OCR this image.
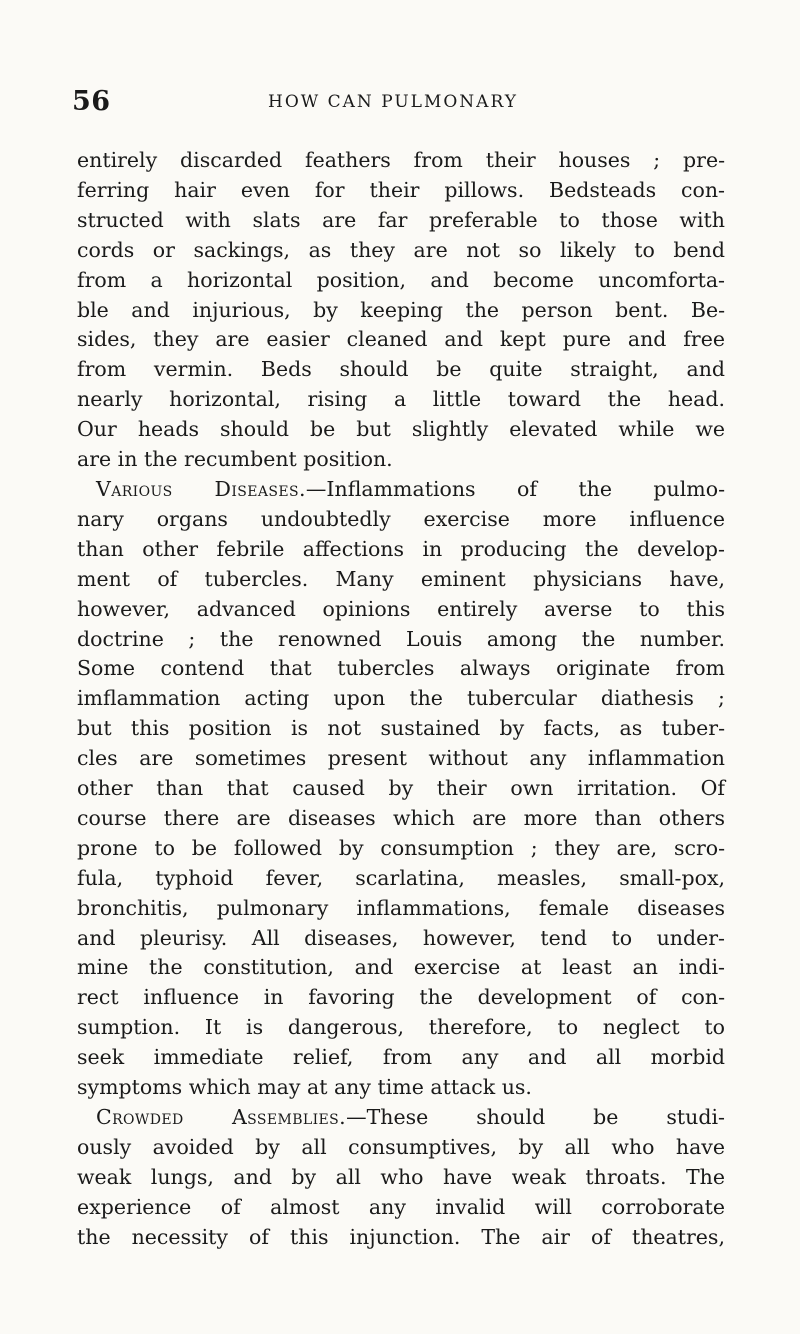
56	HOW CAN PULMONARY
entirely discarded feathers from their houses ; pre-
ferring hair even for their pillows. Bedsteads con-
structed with slats are far preferable to those with
cords or sackings, as they are not so likely to bend
from a horizontal position, and become uncomforta-
ble and injurious, by keeping the person bent. Be-
sides, they are easier cleaned and kept pure and free
from vermin. Beds should be quite straight, and
nearly horizontal, rising a little toward the head.
Our heads should be but slightly elevated while we
are in the recumbent position.
Various Diseases.—Inflammations of the pulmo-
nary organs undoubtedly exercise more influence
than other febrile affections in producing the develop-
ment of tubercles. Many eminent physicians have,
however, advanced opinions entirely averse to this
doctrine ; the renowned Louis among the number.
Some contend that tubercles always originate from
imflammation acting upon the tubercular diathesis ;
but this position is not sustained by facts, as tuber-
cles are sometimes present without any inflammation
other than that caused by their own irritation. Of
course there are diseases which are more than others
prone to be followed by consumption ; they are, scro-
fula, typhoid fever, scarlatina, measles, small-pox,
bronchitis, pulmonary inflammations, female diseases
and pleurisy. All diseases, however, tend to under-
mine the constitution, and exercise at least an indi-
rect influence in favoring the development of con-
sumption. It is dangerous, therefore, to neglect to
seek immediate relief, from any and all morbid
symptoms which may at any time attack us.
Crowded Assemblies.—These should be studi-
ously avoided by all consumptives, by all who have
weak lungs, and by all who have weak throats. The
experience of almost any invalid will corroborate
the necessity of this injunction. The air of theatres,
